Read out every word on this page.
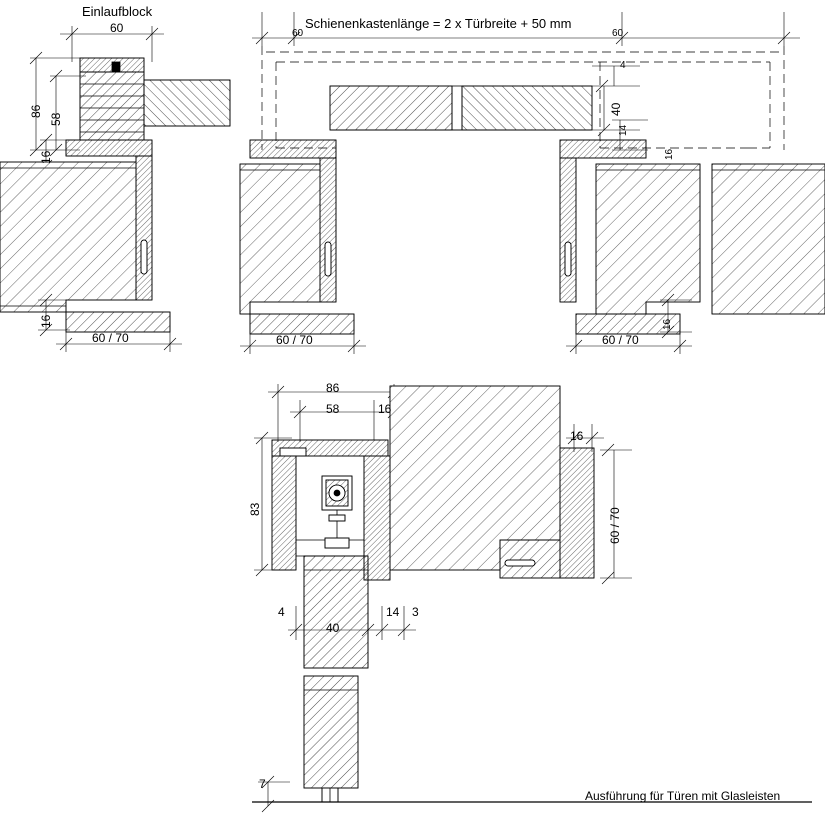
Einlaufblock
Schienenkastenlänge = 2 x Türbreite + 50 mm
Ausführung für Türen mit Glasleisten
60
86
58
16
16
60 / 70
60	60
4
40
14
16
60 / 70	60 / 70
16
86
58	16
16
83	60 / 70
4
40
14 3
7
